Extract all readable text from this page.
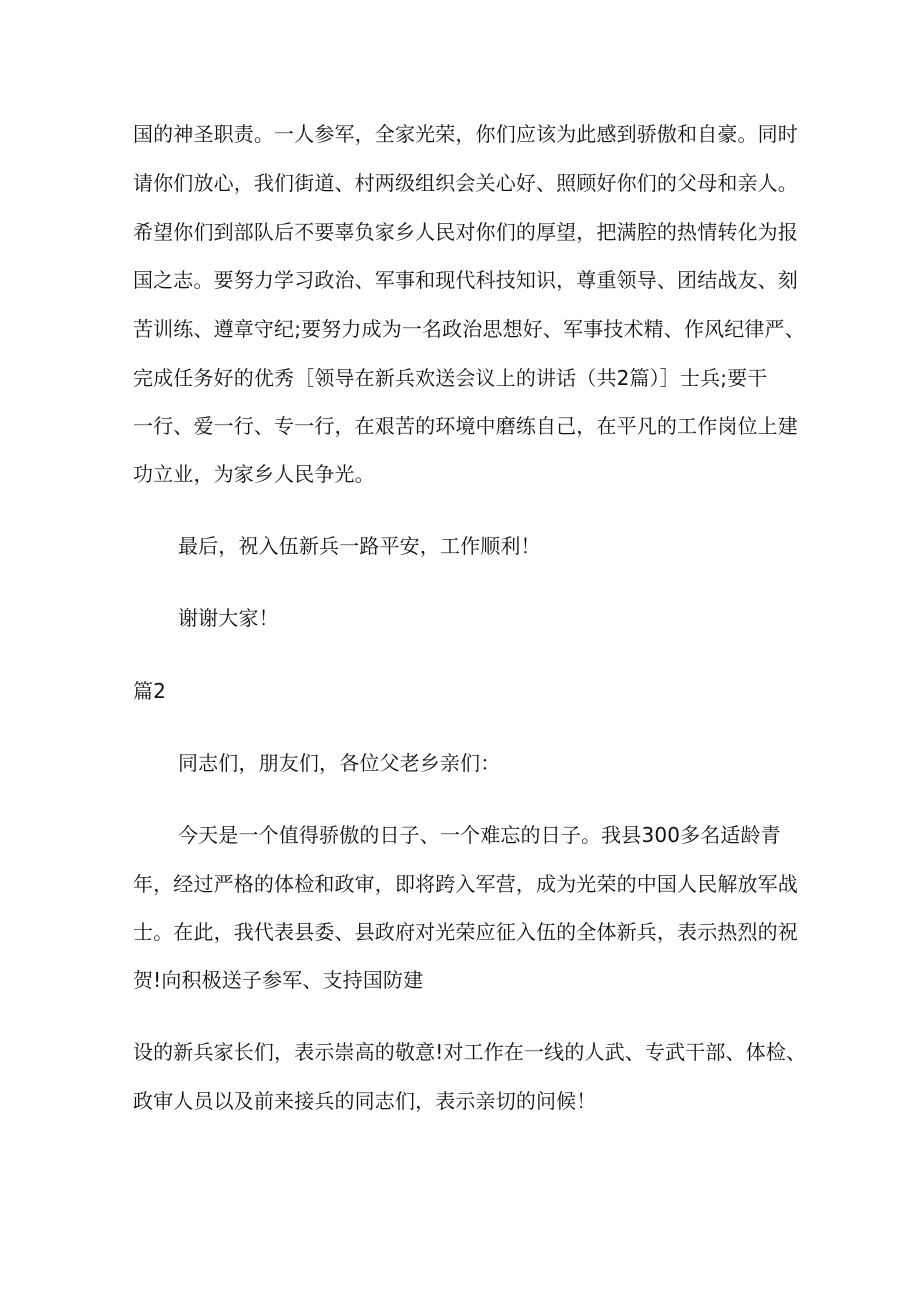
国的神圣职责。一人参军，全家光荣，你们应该为此感到骄傲和自豪。同时
请你们放心，我们街道、村两级组织会关心好、照顾好你们的父母和亲人。
希望你们到部队后不要辜负家乡人民对你们的厚望，把满腔的热情转化为报
国之志。要努力学习政治、军事和现代科技知识，尊重领导、团结战友、刻
苦训练、遵章守纪;要努力成为一名政治思想好、军事技术精、作风纪律严、
完成任务好的优秀［领导在新兵欢送会议上的讲话（共2篇）］士兵;要干
一行、爱一行、专一行，在艰苦的环境中磨练自己，在平凡的工作岗位上建
功立业，为家乡人民争光。
最后，祝入伍新兵一路平安，工作顺利！
谢谢大家！
篇2
同志们，朋友们，各位父老乡亲们：
今天是一个值得骄傲的日子、一个难忘的日子。我县300多名适龄青
年，经过严格的体检和政审，即将跨入军营，成为光荣的中国人民解放军战
士。在此，我代表县委、县政府对光荣应征入伍的全体新兵，表示热烈的祝
贺!向积极送子参军、支持国防建
设的新兵家长们，表示崇高的敬意!对工作在一线的人武、专武干部、体检、
政审人员以及前来接兵的同志们，表示亲切的问候！
